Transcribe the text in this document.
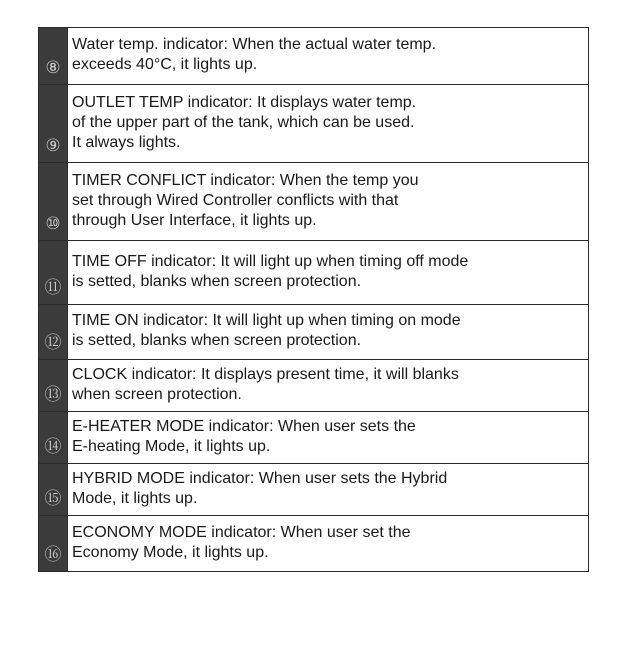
⑧	Water temp. indicator: When the actual water temp.
exceeds 40°C, it lights up.

⑨	OUTLET TEMP indicator: It displays water temp.
of the upper part of the tank, which can be used.
It always lights.

⑩	TIMER CONFLICT indicator: When the temp you
set through Wired Controller conflicts with that
through User Interface, it lights up.

⑪	TIME OFF indicator: It will light up when timing off mode
is setted, blanks when screen protection.

⑫	TIME ON indicator: It will light up when timing on mode
is setted, blanks when screen protection.

⑬	CLOCK indicator: It displays present time, it will blanks
when screen protection.

⑭	E-HEATER MODE indicator: When user sets the
E-heating Mode, it lights up.

⑮	HYBRID MODE indicator: When user sets the Hybrid
Mode, it lights up.

⑯	ECONOMY MODE indicator: When user set the
Economy Mode, it lights up.
